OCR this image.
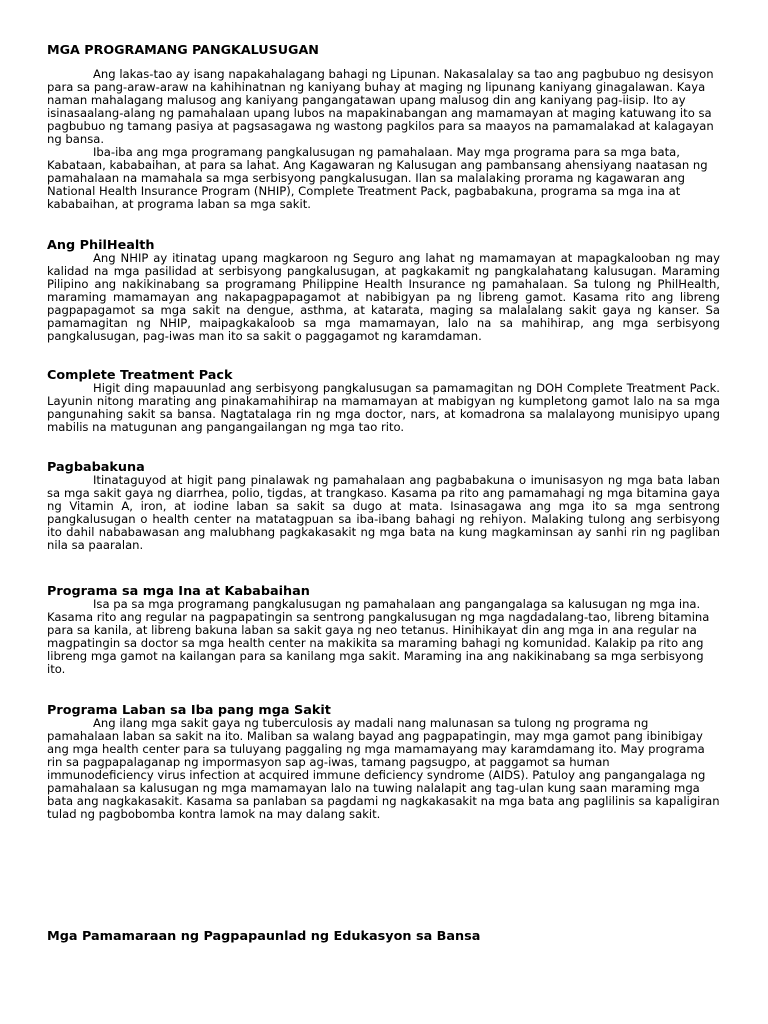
MGA PROGRAMANG PANGKALUSUGAN

Ang lakas-tao ay isang napakahalagang bahagi ng Lipunan. Nakasalalay sa tao ang pagbubuo ng desisyon para sa pang-araw-araw na kahihinatnan ng kaniyang buhay at maging ng lipunang kaniyang ginagalawan. Kaya naman mahalagang malusog ang kaniyang pangangatawan upang malusog din ang kaniyang pag-iisip. Ito ay isinasaalang-alang ng pamahalaan upang lubos na mapakinabangan ang mamamayan at maging katuwang ito sa pagbubuo ng tamang pasiya at pagsasagawa ng wastong pagkilos para sa maayos na pamamalakad at kalagayan ng bansa.

Iba-iba ang mga programang pangkalusugan ng pamahalaan. May mga programa para sa mga bata, Kabataan, kababaihan, at para sa lahat. Ang Kagawaran ng Kalusugan ang pambansang ahensiyang naatasan ng pamahalaan na mamahala sa mga serbisyong pangkalusugan. Ilan sa malalaking prorama ng kagawaran ang National Health Insurance Program (NHIP), Complete Treatment Pack, pagbabakuna, programa sa mga ina at kababaihan, at programa laban sa mga sakit.

Ang PhilHealth

Ang NHIP ay itinatag upang magkaroon ng Seguro ang lahat ng mamamayan at mapagkalooban ng may kalidad na mga pasilidad at serbisyong pangkalusugan, at pagkakamit ng pangkalahatang kalusugan. Maraming Pilipino ang nakikinabang sa programang Philippine Health Insurance ng pamahalaan. Sa tulong ng PhilHealth, maraming mamamayan ang nakapagpapagamot at nabibigyan pa ng libreng gamot. Kasama rito ang libreng pagpapagamot sa mga sakit na dengue, asthma, at katarata, maging sa malalalang sakit gaya ng kanser. Sa pamamagitan ng NHIP, maipagkakaloob sa mga mamamayan, lalo na sa mahihirap, ang mga serbisyong pangkalusugan, pag-iwas man ito sa sakit o paggagamot ng karamdaman.

Complete Treatment Pack

Higit ding mapauunlad ang serbisyong pangkalusugan sa pamamagitan ng DOH Complete Treatment Pack. Layunin nitong marating ang pinakamahihirap na mamamayan at mabigyan ng kumpletong gamot lalo na sa mga pangunahing sakit sa bansa. Nagtatalaga rin ng mga doctor, nars, at komadrona sa malalayong munisipyo upang mabilis na matugunan ang pangangailangan ng mga tao rito.

Pagbabakuna

Itinataguyod at higit pang pinalawak ng pamahalaan ang pagbabakuna o imunisasyon ng mga bata laban sa mga sakit gaya ng diarrhea, polio, tigdas, at trangkaso. Kasama pa rito ang pamamahagi ng mga bitamina gaya ng Vitamin A, iron, at iodine laban sa sakit sa dugo at mata. Isinasagawa ang mga ito sa mga sentrong pangkalusugan o health center na matatagpuan sa iba-ibang bahagi ng rehiyon. Malaking tulong ang serbisyong ito dahil nababawasan ang malubhang pagkakasakit ng mga bata na kung magkaminsan ay sanhi rin ng pagliban nila sa paaralan.

Programa sa mga Ina at Kababaihan

Isa pa sa mga programang pangkalusugan ng pamahalaan ang pangangalaga sa kalusugan ng mga ina. Kasama rito ang regular na pagpapatingin sa sentrong pangkalusugan ng mga nagdadalang-tao, libreng bitamina para sa kanila, at libreng bakuna laban sa sakit gaya ng neo tetanus. Hinihikayat din ang mga in ana regular na magpatingin sa doctor sa mga health center na makikita sa maraming bahagi ng komunidad. Kalakip pa rito ang libreng mga gamot na kailangan para sa kanilang mga sakit. Maraming ina ang nakikinabang sa mga serbisyong ito.

Programa Laban sa Iba pang mga Sakit

Ang ilang mga sakit gaya ng tuberculosis ay madali nang malunasan sa tulong ng programa ng pamahalaan laban sa sakit na ito. Maliban sa walang bayad ang pagpapatingin, may mga gamot pang ibinibigay ang mga health center para sa tuluyang paggaling ng mga mamamayang may karamdamang ito. May programa rin sa pagpapalaganap ng impormasyon sap ag-iwas, tamang pagsugpo, at paggamot sa human immunodeficiency virus infection at acquired immune deficiency syndrome (AIDS). Patuloy ang pangangalaga ng pamahalaan sa kalusugan ng mga mamamayan lalo na tuwing nalalapit ang tag-ulan kung saan maraming mga bata ang nagkakasakit. Kasama sa panlaban sa pagdami ng nagkakasakit na mga bata ang paglilinis sa kapaligiran tulad ng pagbobomba kontra lamok na may dalang sakit.

Mga Pamamaraan ng Pagpapaunlad ng Edukasyon sa Bansa
